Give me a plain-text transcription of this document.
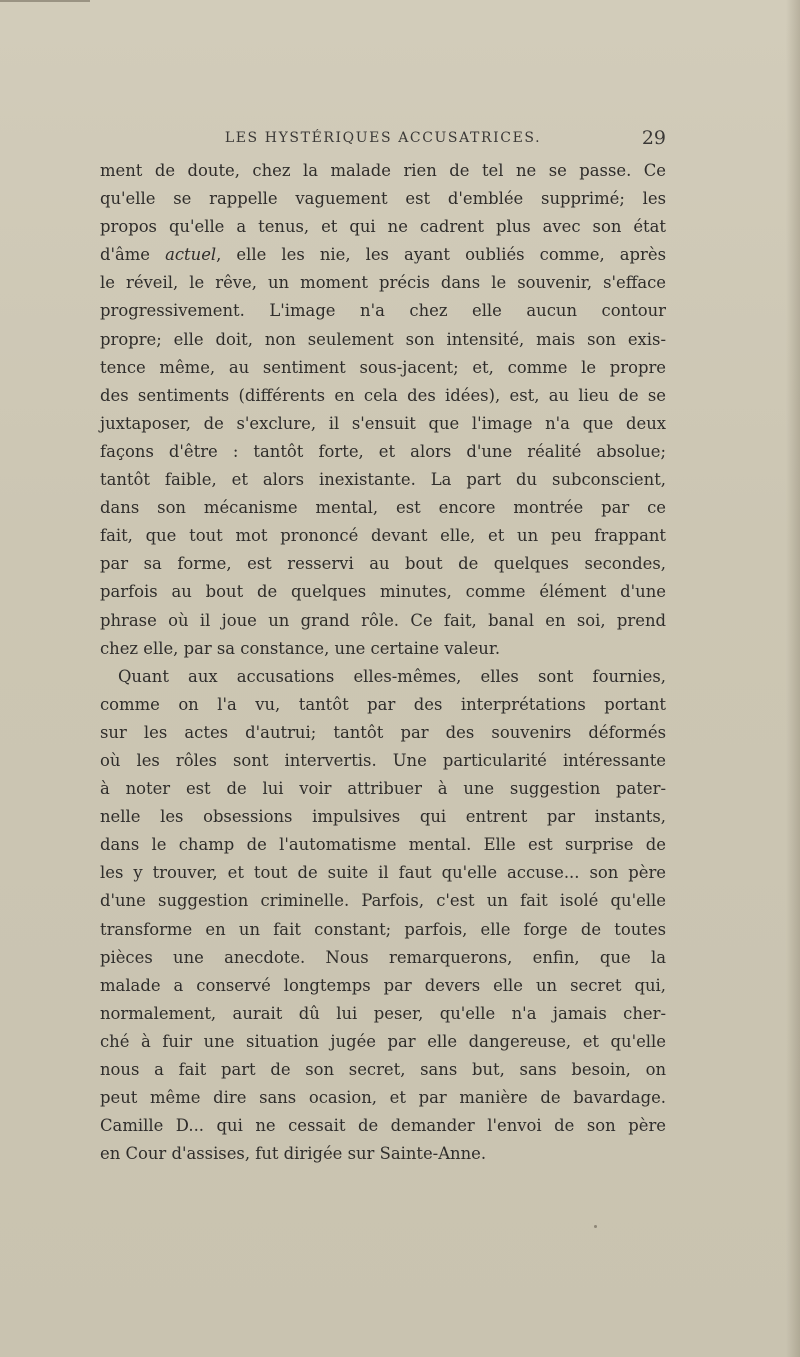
LES HYSTÉRIQUES ACCUSATRICES.	29
ment de doute, chez la malade rien de tel ne se passe. Ce
qu'elle se rappelle vaguement est d'emblée supprimé; les
propos qu'elle a tenus, et qui ne cadrent plus avec son état
d'âme actuel, elle les nie, les ayant oubliés comme, après
le réveil, le rêve, un moment précis dans le souvenir, s'efface
progressivement. L'image n'a chez elle aucun contour
propre; elle doit, non seulement son intensité, mais son exis-
tence même, au sentiment sous-jacent; et, comme le propre
des sentiments (différents en cela des idées), est, au lieu de se
juxtaposer, de s'exclure, il s'ensuit que l'image n'a que deux
façons d'être : tantôt forte, et alors d'une réalité absolue;
tantôt faible, et alors inexistante. La part du subconscient,
dans son mécanisme mental, est encore montrée par ce
fait, que tout mot prononcé devant elle, et un peu frappant
par sa forme, est resservi au bout de quelques secondes,
parfois au bout de quelques minutes, comme élément d'une
phrase où il joue un grand rôle. Ce fait, banal en soi, prend
chez elle, par sa constance, une certaine valeur.
Quant aux accusations elles-mêmes, elles sont fournies,
comme on l'a vu, tantôt par des interprétations portant
sur les actes d'autrui; tantôt par des souvenirs déformés
où les rôles sont intervertis. Une particularité intéressante
à noter est de lui voir attribuer à une suggestion pater-
nelle les obsessions impulsives qui entrent par instants,
dans le champ de l'automatisme mental. Elle est surprise de
les y trouver, et tout de suite il faut qu'elle accuse... son père
d'une suggestion criminelle. Parfois, c'est un fait isolé qu'elle
transforme en un fait constant; parfois, elle forge de toutes
pièces une anecdote. Nous remarquerons, enfin, que la
malade a conservé longtemps par devers elle un secret qui,
normalement, aurait dû lui peser, qu'elle n'a jamais cher-
ché à fuir une situation jugée par elle dangereuse, et qu'elle
nous a fait part de son secret, sans but, sans besoin, on
peut même dire sans ocasion, et par manière de bavardage.
Camille D... qui ne cessait de demander l'envoi de son père
en Cour d'assises, fut dirigée sur Sainte-Anne.
